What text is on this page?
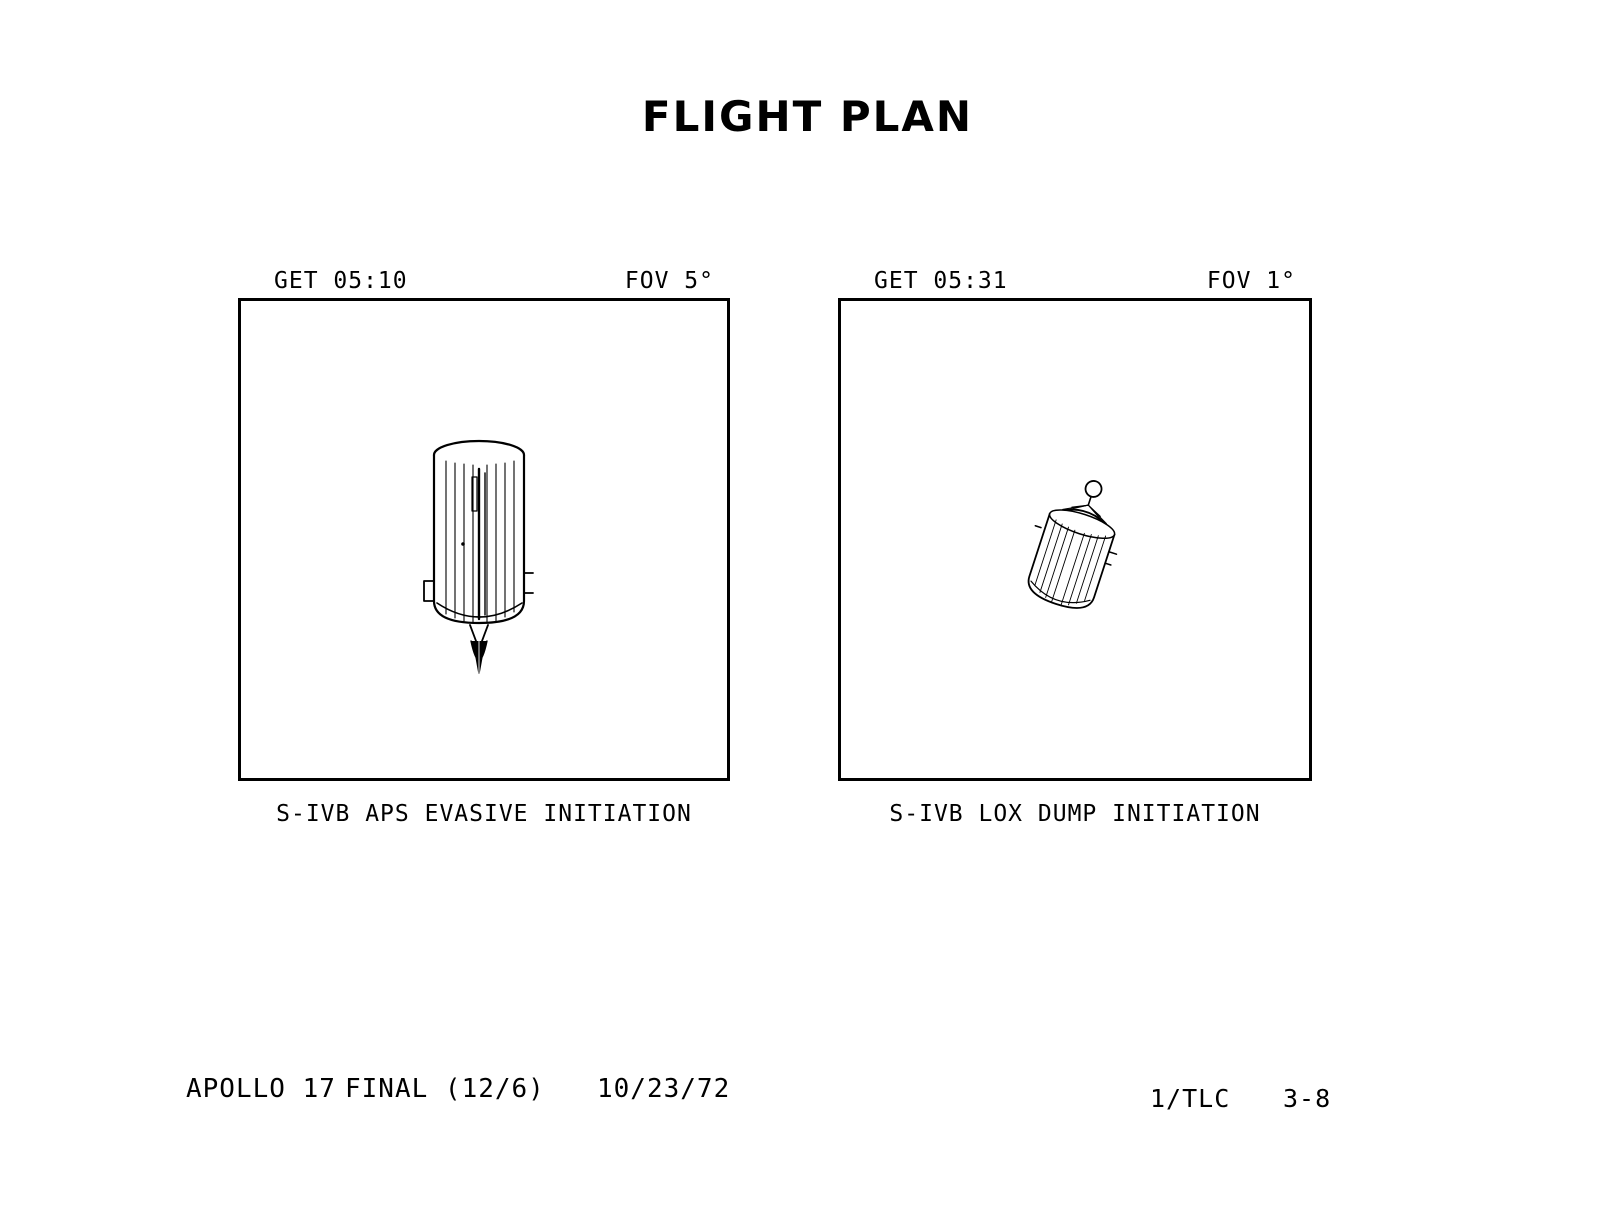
FLIGHT PLAN
GET 05:10	FOV 5°
S-IVB APS EVASIVE INITIATION
GET 05:31	FOV 1°
S-IVB LOX DUMP INITIATION
APOLLO 17 FINAL (12/6) 10/23/72	1/TLC 3-8
